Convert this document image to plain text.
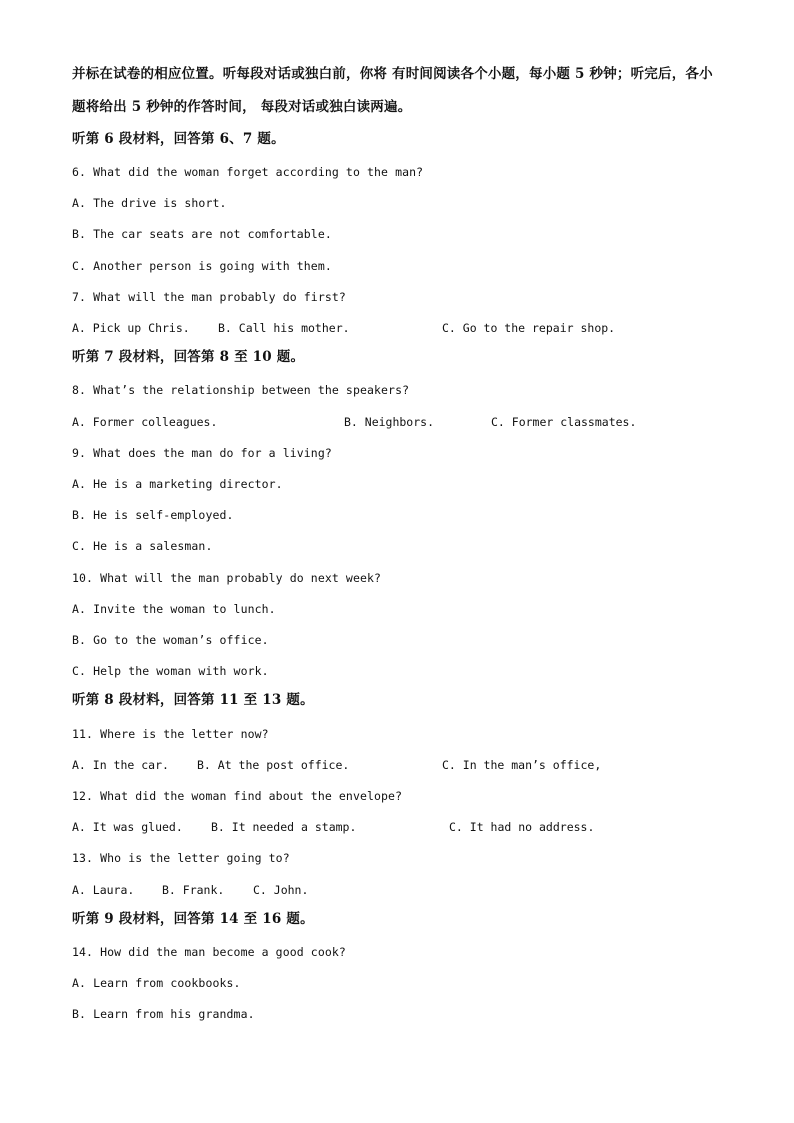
并标在试卷的相应位置。听每段对话或独白前，你将 有时间阅读各个小题，每小题 5 秒钟；听完后，各小
题将给出 5 秒钟的作答时间， 每段对话或独白读两遍。
听第 6 段材料，回答第 6、7 题。
6. What did the woman forget according to the man?
A. The drive is short.
B. The car seats are not comfortable.
C. Another person is going with them.
7. What will the man probably do first?
A. Pick up Chris. B. Call his mother.	C. Go to the repair shop.
听第 7 段材料，回答第 8 至 10 题。
8. What’s the relationship between the speakers?
A. Former colleagues.	B. Neighbors.	C. Former classmates.
9. What does the man do for a living?
A. He is a marketing director.
B. He is self-employed.
C. He is a salesman.
10. What will the man probably do next week?
A. Invite the woman to lunch.
B. Go to the woman’s office.
C. Help the woman with work.
听第 8 段材料，回答第 11 至 13 题。
11. Where is the letter now?
A. In the car. B. At the post office.	C. In the man’s office,
12. What did the woman find about the envelope?
A. It was glued. B. It needed a stamp.	C. It had no address.
13. Who is the letter going to?
A. Laura. B. Frank. C. John.
听第 9 段材料，回答第 14 至 16 题。
14. How did the man become a good cook?
A. Learn from cookbooks.
B. Learn from his grandma.
